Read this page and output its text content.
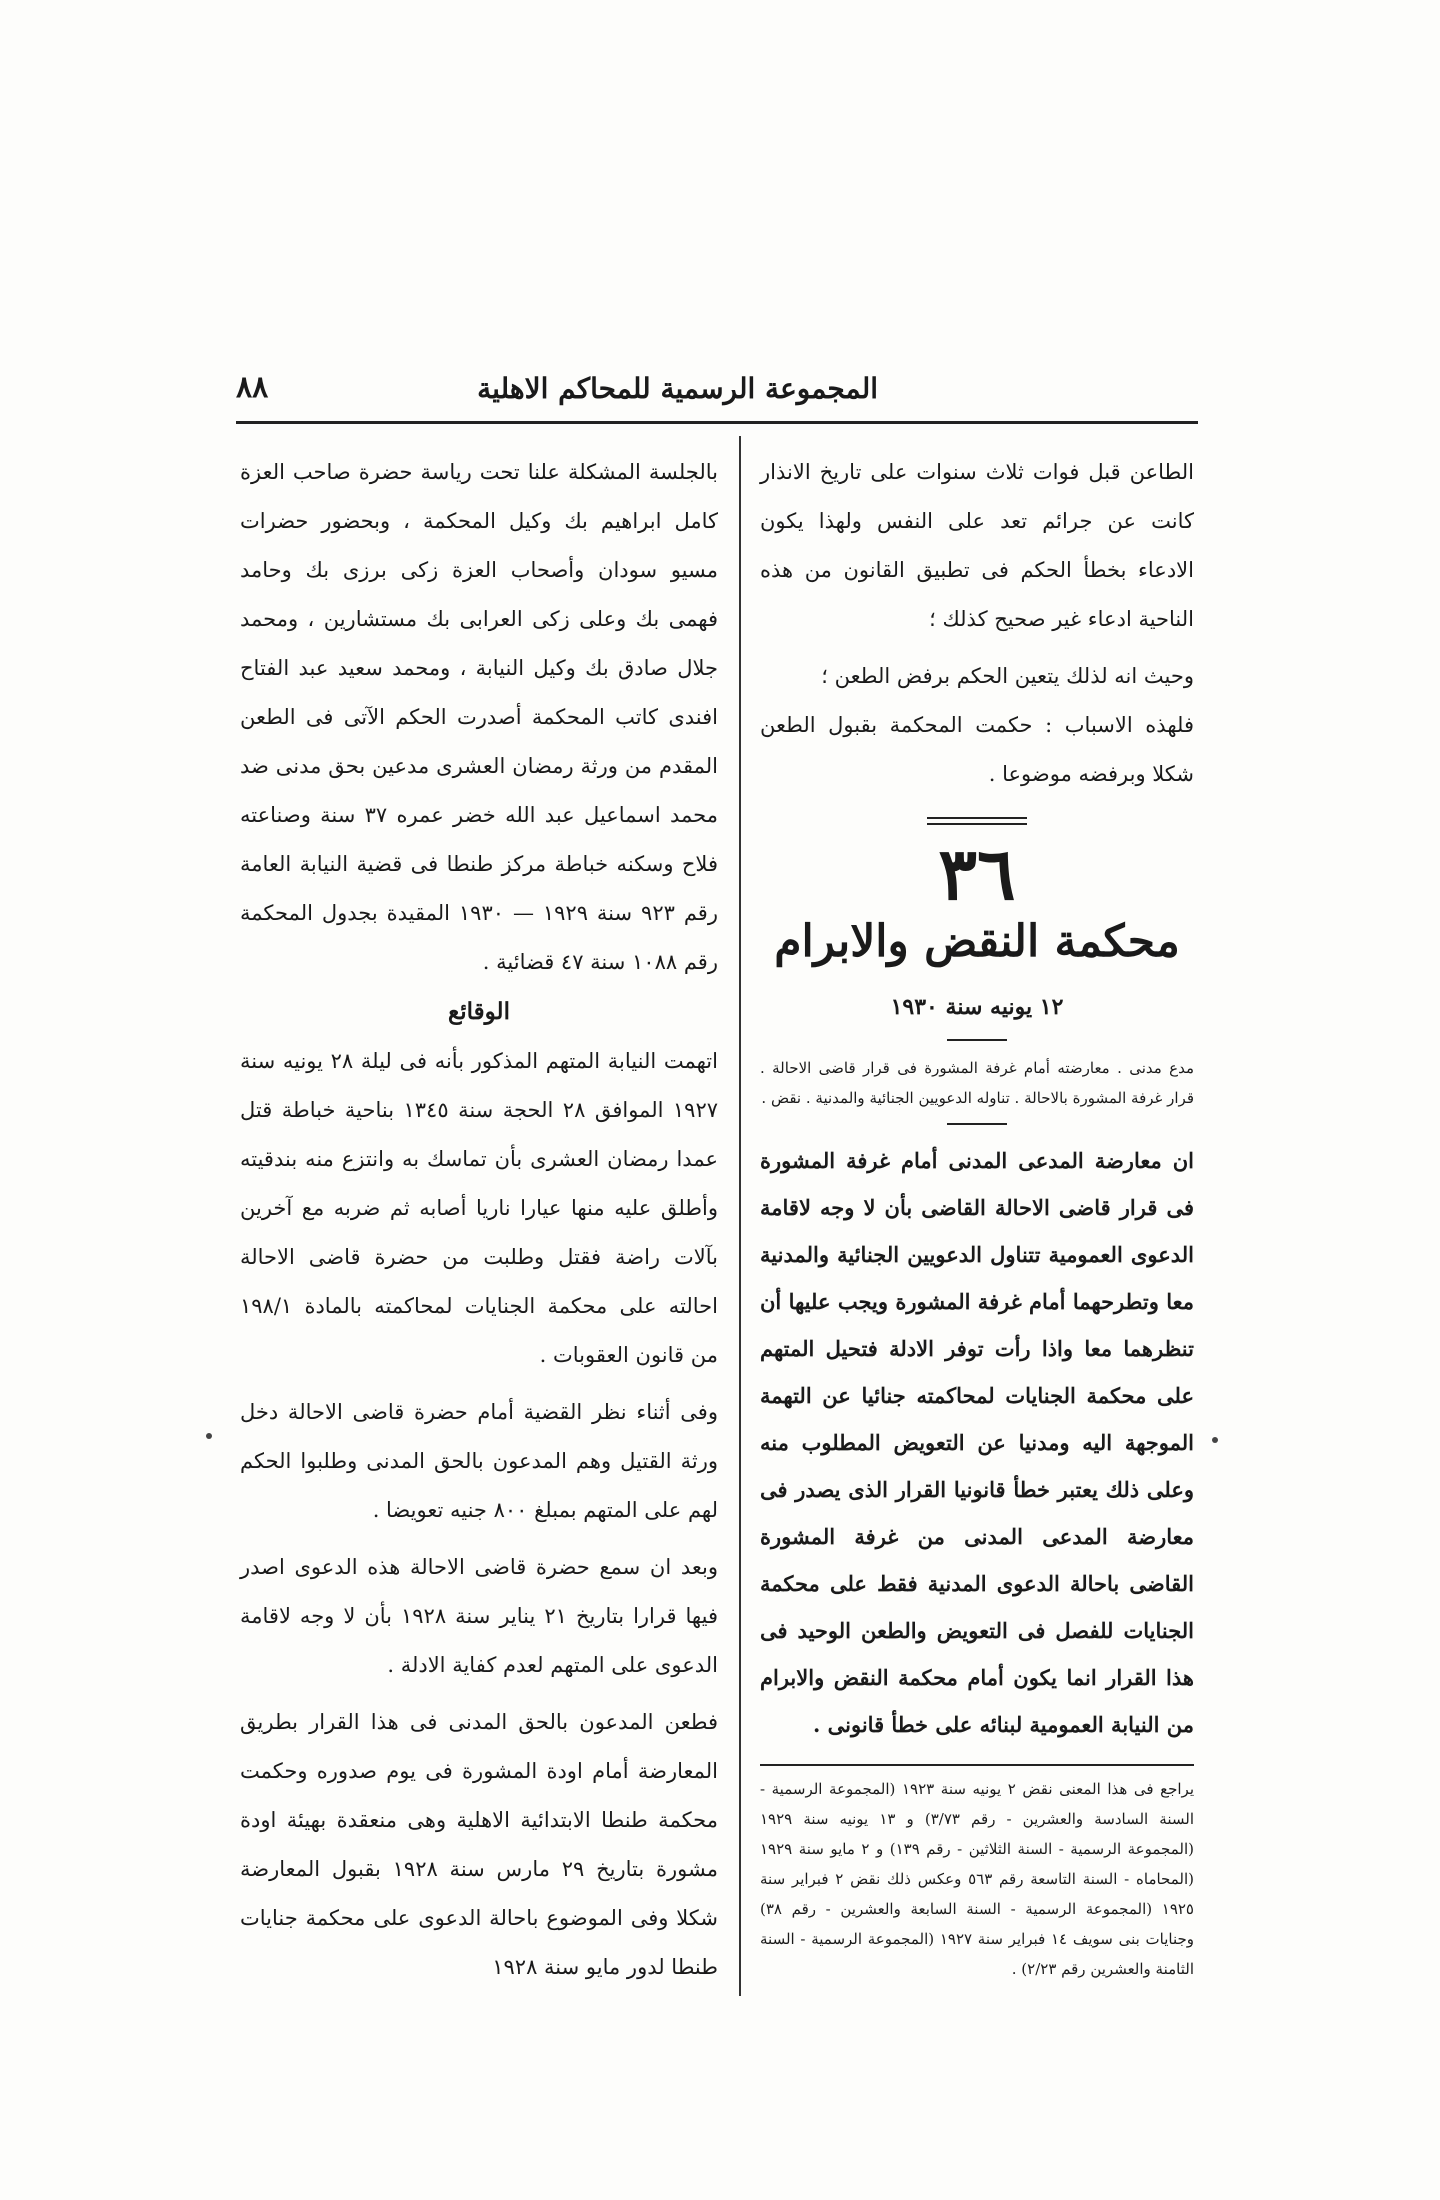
٨٨	المجموعة الرسمية للمحاكم الاهلية

الطاعن قبل فوات ثلاث سنوات على تاريخ الانذار كانت عن جرائم تعد على النفس ولهذا يكون الادعاء بخطأ الحكم فى تطبيق القانون من هذه الناحية ادعاء غير صحيح كذلك ؛

وحيث انه لذلك يتعين الحكم برفض الطعن ؛

فلهذه الاسباب : حكمت المحكمة بقبول الطعن شكلا وبرفضه موضوعا .

٣٦
محكمة النقض والابرام
١٢ يونيه سنة ١٩٣٠
مدع مدنى . معارضته أمام غرفة المشورة فى قرار قاضى الاحالة . قرار غرفة المشورة بالاحالة . تناوله الدعويين الجنائية والمدنية . نقض .
ان معارضة المدعى المدنى أمام غرفة المشورة فى قرار قاضى الاحالة القاضى بأن لا وجه لاقامة الدعوى العمومية تتناول الدعويين الجنائية والمدنية معا وتطرحهما أمام غرفة المشورة ويجب عليها أن تنظرهما معا واذا رأت توفر الادلة فتحيل المتهم على محكمة الجنايات لمحاكمته جنائيا عن التهمة الموجهة اليه ومدنيا عن التعويض المطلوب منه وعلى ذلك يعتبر خطأ قانونيا القرار الذى يصدر فى معارضة المدعى المدنى من غرفة المشورة القاضى باحالة الدعوى المدنية فقط على محكمة الجنايات للفصل فى التعويض والطعن الوحيد فى هذا القرار انما يكون أمام محكمة النقض والابرام من النيابة العمومية لبنائه على خطأ قانونى .
يراجع فى هذا المعنى نقض ٢ يونيه سنة ١٩٢٣ (المجموعة الرسمية - السنة السادسة والعشرين - رقم ٣/٧٣) و ١٣ يونيه سنة ١٩٢٩ (المجموعة الرسمية - السنة الثلاثين - رقم ١٣٩) و ٢ مايو سنة ١٩٢٩ (المحاماه - السنة التاسعة رقم ٥٦٣ وعكس ذلك نقض ٢ فبراير سنة ١٩٢٥ (المجموعة الرسمية - السنة السابعة والعشرين - رقم ٣٨) وجنايات بنى سويف ١٤ فبراير سنة ١٩٢٧ (المجموعة الرسمية - السنة الثامنة والعشرين رقم ٢/٢٣) .

بالجلسة المشكلة علنا تحت رياسة حضرة صاحب العزة كامل ابراهيم بك وكيل المحكمة ، وبحضور حضرات مسيو سودان وأصحاب العزة زكى برزى بك وحامد فهمى بك وعلى زكى العرابى بك مستشارين ، ومحمد جلال صادق بك وكيل النيابة ، ومحمد سعيد عبد الفتاح افندى كاتب المحكمة أصدرت الحكم الآتى فى الطعن المقدم من ورثة رمضان العشرى مدعين بحق مدنى ضد محمد اسماعيل عبد الله خضر عمره ٣٧ سنة وصناعته فلاح وسكنه خباطة مركز طنطا فى قضية النيابة العامة رقم ٩٢٣ سنة ١٩٢٩ — ١٩٣٠ المقيدة بجدول المحكمة رقم ١٠٨٨ سنة ٤٧ قضائية .

الوقائع

اتهمت النيابة المتهم المذكور بأنه فى ليلة ٢٨ يونيه سنة ١٩٢٧ الموافق ٢٨ الحجة سنة ١٣٤٥ بناحية خباطة قتل عمدا رمضان العشرى بأن تماسك به وانتزع منه بندقيته وأطلق عليه منها عيارا ناريا أصابه ثم ضربه مع آخرين بآلات راضة فقتل وطلبت من حضرة قاضى الاحالة احالته على محكمة الجنايات لمحاكمته بالمادة ١٩٨/١ من قانون العقوبات .

وفى أثناء نظر القضية أمام حضرة قاضى الاحالة دخل ورثة القتيل وهم المدعون بالحق المدنى وطلبوا الحكم لهم على المتهم بمبلغ ٨٠٠ جنيه تعويضا .

وبعد ان سمع حضرة قاضى الاحالة هذه الدعوى اصدر فيها قرارا بتاريخ ٢١ يناير سنة ١٩٢٨ بأن لا وجه لاقامة الدعوى على المتهم لعدم كفاية الادلة .

فطعن المدعون بالحق المدنى فى هذا القرار بطريق المعارضة أمام اودة المشورة فى يوم صدوره وحكمت محكمة طنطا الابتدائية الاهلية وهى منعقدة بهيئة اودة مشورة بتاريخ ٢٩ مارس سنة ١٩٢٨ بقبول المعارضة شكلا وفى الموضوع باحالة الدعوى على محكمة جنايات طنطا لدور مايو سنة ١٩٢٨
